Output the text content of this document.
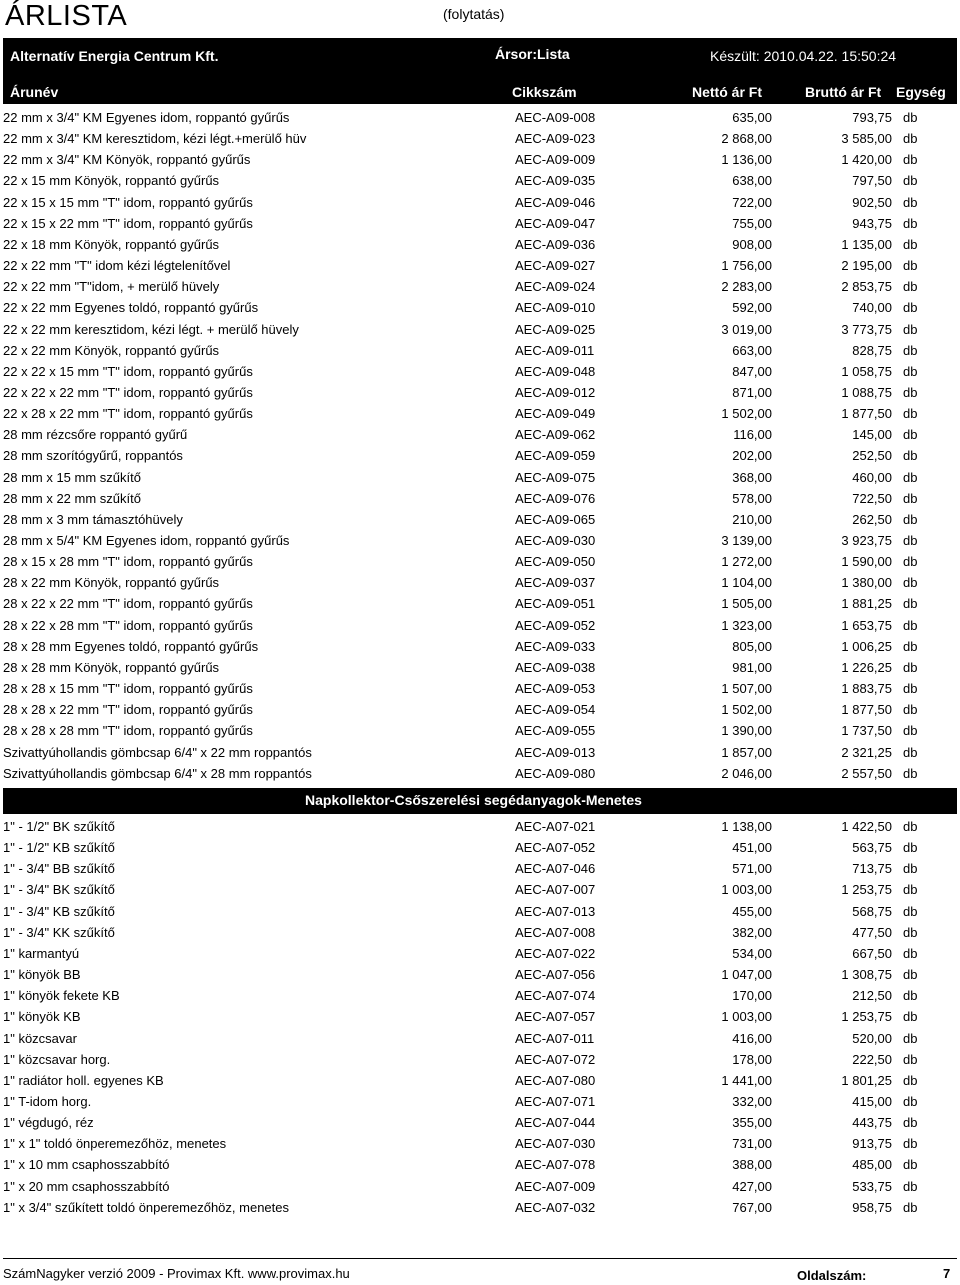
ÁRLISTA	(folytatás)
Alternatív Energia Centrum Kft.	Ársor:Lista	Készült: 2010.04.22. 15:50:24
Árunév	Cikkszám	Nettó ár Ft	Bruttó ár Ft Egység
22 mm x 3/4" KM Egyenes idom, roppantó gyűrűs	AEC-A09-008	635,00	793,75 db
22 mm x 3/4" KM keresztidom, kézi légt.+merülő hüv	AEC-A09-023	2 868,00	3 585,00 db
22 mm x 3/4" KM Könyök, roppantó gyűrűs	AEC-A09-009	1 136,00	1 420,00 db
22 x 15 mm Könyök, roppantó gyűrűs	AEC-A09-035	638,00	797,50 db
22 x 15 x 15 mm "T" idom, roppantó gyűrűs	AEC-A09-046	722,00	902,50 db
22 x 15 x 22 mm "T" idom, roppantó gyűrűs	AEC-A09-047	755,00	943,75 db
22 x 18 mm Könyök, roppantó gyűrűs	AEC-A09-036	908,00	1 135,00 db
22 x 22 mm "T" idom kézi légtelenítővel	AEC-A09-027	1 756,00	2 195,00 db
22 x 22 mm "T"idom, + merülő hüvely	AEC-A09-024	2 283,00	2 853,75 db
22 x 22 mm Egyenes toldó, roppantó gyűrűs	AEC-A09-010	592,00	740,00 db
22 x 22 mm keresztidom, kézi légt. + merülő hüvely	AEC-A09-025	3 019,00	3 773,75 db
22 x 22 mm Könyök, roppantó gyűrűs	AEC-A09-011	663,00	828,75 db
22 x 22 x 15 mm "T" idom, roppantó gyűrűs	AEC-A09-048	847,00	1 058,75 db
22 x 22 x 22 mm "T" idom, roppantó gyűrűs	AEC-A09-012	871,00	1 088,75 db
22 x 28 x 22 mm "T" idom, roppantó gyűrűs	AEC-A09-049	1 502,00	1 877,50 db
28 mm rézcsőre roppantó gyűrű	AEC-A09-062	116,00	145,00 db
28 mm szorítógyűrű, roppantós	AEC-A09-059	202,00	252,50 db
28 mm x 15 mm szűkítő	AEC-A09-075	368,00	460,00 db
28 mm x 22 mm szűkítő	AEC-A09-076	578,00	722,50 db
28 mm x 3 mm támasztóhüvely	AEC-A09-065	210,00	262,50 db
28 mm x 5/4" KM Egyenes idom, roppantó gyűrűs	AEC-A09-030	3 139,00	3 923,75 db
28 x 15 x 28 mm "T" idom, roppantó gyűrűs	AEC-A09-050	1 272,00	1 590,00 db
28 x 22 mm Könyök, roppantó gyűrűs	AEC-A09-037	1 104,00	1 380,00 db
28 x 22 x 22 mm "T" idom, roppantó gyűrűs	AEC-A09-051	1 505,00	1 881,25 db
28 x 22 x 28 mm "T" idom, roppantó gyűrűs	AEC-A09-052	1 323,00	1 653,75 db
28 x 28 mm Egyenes toldó, roppantó gyűrűs	AEC-A09-033	805,00	1 006,25 db
28 x 28 mm Könyök, roppantó gyűrűs	AEC-A09-038	981,00	1 226,25 db
28 x 28 x 15 mm "T" idom, roppantó gyűrűs	AEC-A09-053	1 507,00	1 883,75 db
28 x 28 x 22 mm "T" idom, roppantó gyűrűs	AEC-A09-054	1 502,00	1 877,50 db
28 x 28 x 28 mm "T" idom, roppantó gyűrűs	AEC-A09-055	1 390,00	1 737,50 db
Szivattyúhollandis gömbcsap 6/4" x 22 mm roppantós	AEC-A09-013	1 857,00	2 321,25 db
Szivattyúhollandis gömbcsap 6/4" x 28 mm roppantós	AEC-A09-080	2 046,00	2 557,50 db
1" - 1/2" BK szűkítő	AEC-A07-021	1 138,00	1 422,50 db
1" - 1/2" KB szűkítő	AEC-A07-052	451,00	563,75 db
1" - 3/4" BB szűkítő	AEC-A07-046	571,00	713,75 db
1" - 3/4" BK szűkítő	AEC-A07-007	1 003,00	1 253,75 db
1" - 3/4" KB szűkítő	AEC-A07-013	455,00	568,75 db
1" - 3/4" KK szűkítő	AEC-A07-008	382,00	477,50 db
1" karmantyú	AEC-A07-022	534,00	667,50 db
1" könyök BB	AEC-A07-056	1 047,00	1 308,75 db
1" könyök fekete KB	AEC-A07-074	170,00	212,50 db
1" könyök KB	AEC-A07-057	1 003,00	1 253,75 db
1" közcsavar	AEC-A07-011	416,00	520,00 db
1" közcsavar horg.	AEC-A07-072	178,00	222,50 db
1" radiátor holl. egyenes KB	AEC-A07-080	1 441,00	1 801,25 db
1" T-idom horg.	AEC-A07-071	332,00	415,00 db
1" végdugó, réz	AEC-A07-044	355,00	443,75 db
1" x 1" toldó önperemezőhöz, menetes	AEC-A07-030	731,00	913,75 db
1" x 10 mm csaphosszabbító	AEC-A07-078	388,00	485,00 db
1" x 20 mm csaphosszabbító	AEC-A07-009	427,00	533,75 db
1" x 3/4" szűkített toldó önperemezőhöz, menetes	AEC-A07-032	767,00	958,75 db
Napkollektor-Csőszerelési segédanyagok-Menetes
SzámNagyker verzió 2009 - Provimax Kft. www.provimax.hu	Oldalszám:	7
